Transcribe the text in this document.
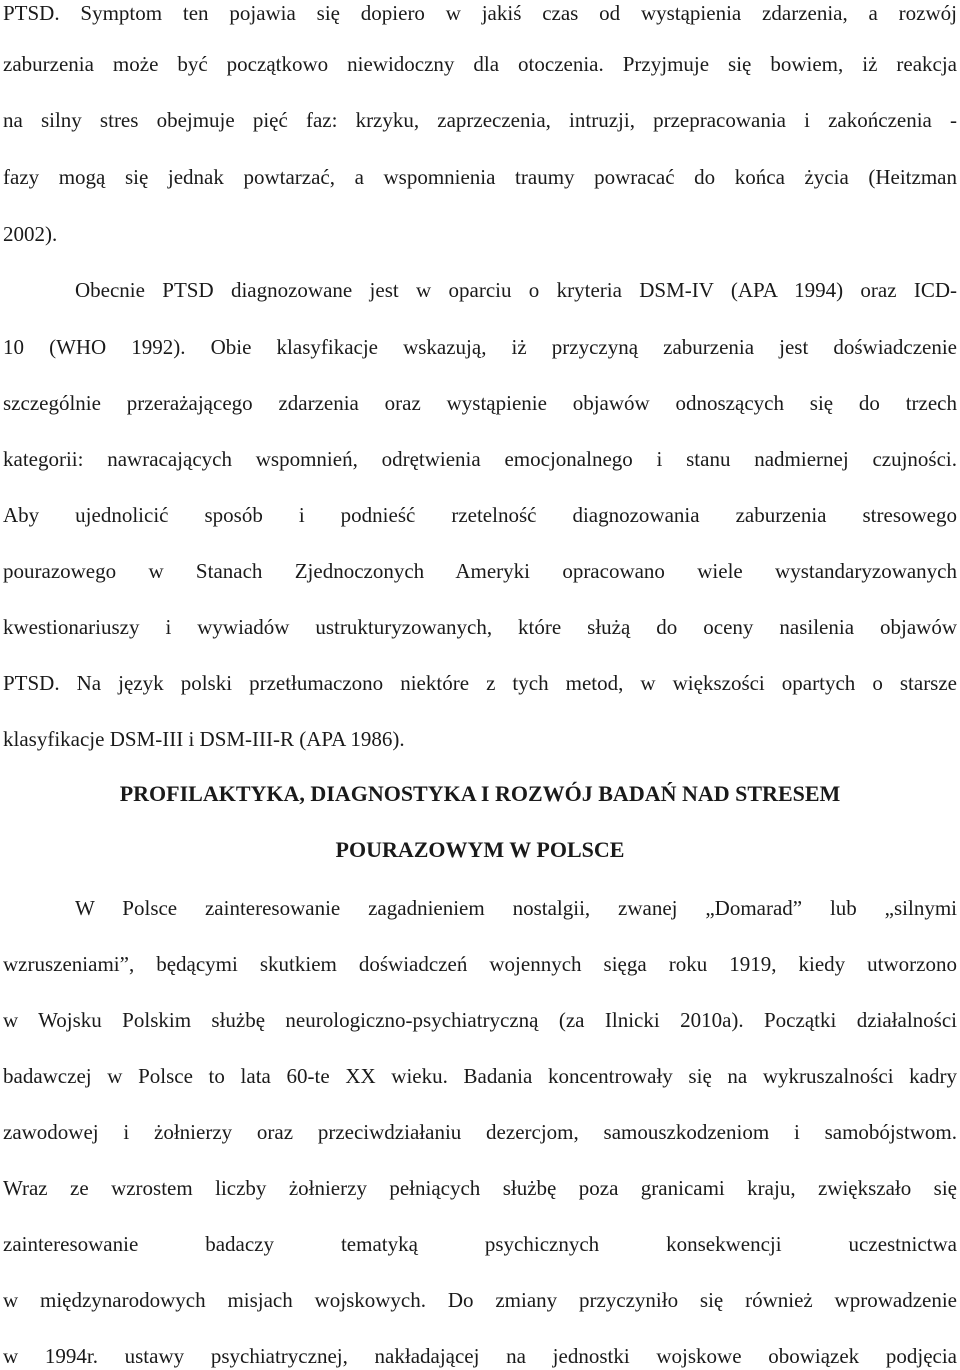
PTSD. Symptom ten pojawia się dopiero w jakiś czas od wystąpienia zdarzenia, a rozwój
zaburzenia może być początkowo niewidoczny dla otoczenia. Przyjmuje się bowiem, iż reakcja
na silny stres obejmuje pięć faz: krzyku, zaprzeczenia, intruzji, przepracowania i zakończenia -
fazy mogą się jednak powtarzać, a wspomnienia traumy powracać do końca życia (Heitzman
2002).
Obecnie PTSD diagnozowane jest w oparciu o kryteria DSM-IV (APA 1994) oraz ICD-
10 (WHO 1992). Obie klasyfikacje wskazują, iż przyczyną zaburzenia jest doświadczenie
szczególnie przerażającego zdarzenia oraz wystąpienie objawów odnoszących się do trzech
kategorii: nawracających wspomnień, odrętwienia emocjonalnego i stanu nadmiernej czujności.
Aby ujednolicić sposób i podnieść rzetelność diagnozowania zaburzenia stresowego
pourazowego w Stanach Zjednoczonych Ameryki opracowano wiele wystandaryzowanych
kwestionariuszy i wywiadów ustrukturyzowanych, które służą do oceny nasilenia objawów
PTSD. Na język polski przetłumaczono niektóre z tych metod, w większości opartych o starsze
klasyfikacje DSM-III i DSM-III-R (APA 1986).
PROFILAKTYKA, DIAGNOSTYKA I ROZWÓJ BADAŃ NAD STRESEM
POURAZOWYM W POLSCE
W Polsce zainteresowanie zagadnieniem nostalgii, zwanej „Domarad” lub „silnymi
wzruszeniami”, będącymi skutkiem doświadczeń wojennych sięga roku 1919, kiedy utworzono
w Wojsku Polskim służbę neurologiczno-psychiatryczną (za Ilnicki 2010a). Początki działalności
badawczej w Polsce to lata 60-te XX wieku. Badania koncentrowały się na wykruszalności kadry
zawodowej i żołnierzy oraz przeciwdziałaniu dezercjom, samouszkodzeniom i samobójstwom.
Wraz ze wzrostem liczby żołnierzy pełniących służbę poza granicami kraju, zwiększało się
zainteresowanie badaczy tematyką psychicznych konsekwencji uczestnictwa
w międzynarodowych misjach wojskowych. Do zmiany przyczyniło się również wprowadzenie
w 1994r. ustawy psychiatrycznej, nakładającej na jednostki wojskowe obowiązek podjęcia
